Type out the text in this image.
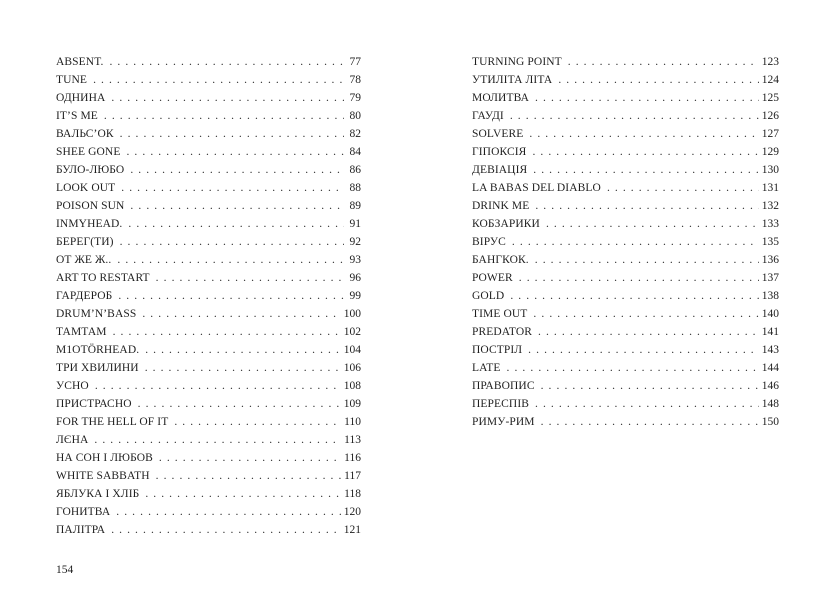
ABSENT. . . .	77
TUNE . . .	78
ОДНИНА . . .	79
IT’S ME . . .	80
ВАЛЬС’ОК . . .	82
SHEE GONE . . .	84
БУЛО-ЛЮБО . . .	86
LOOK OUT . . .	88
POISON SUN . . .	89
INMYHEAD. . . .	91
БЕРЕГ(ТИ) . . .	92
ОТ ЖЕ Ж.. . . .	93
ART TO RESTART . . .	96
ГАРДЕРОБ . . .	99
DRUM’N’BASS . . .	100
ТАМТАМ . . .	102
M1OTÖRHEAD. . . .	104
ТРИ ХВИЛИНИ . . .	106
УСНО . . .	108
ПРИСТРАСНО . . .	109
FOR THE HELL OF IT . . .	110
ЛЄНА . . .	113
НА СОН І ЛЮБОВ . . .	116
WHITE SABBATH . . .	117
ЯБЛУКА І ХЛІБ . . .	118
ГОНИТВА . . .	120
ПАЛІТРА . . .	121
TURNING POINT . . .	123
УТИЛІТА ЛІТА . . .	124
МОЛИТВА . . .	125
ГАУДІ . . .	126
SOLVERE . . .	127
ГІПОКСІЯ . . .	129
ДЕВІАЦІЯ . . .	130
LA BABAS DEL DIABLO . . .	131
DRINK ME . . .	132
КОБЗАРИКИ . . .	133
ВІРУС . . .	135
БАНГКОК. . . .	136
POWER . . .	137
GOLD . . .	138
TIME OUT . . .	140
PREDATOR . . .	141
ПОСТРІЛ . . .	143
LATE . . .	144
ПРАВОПИС . . .	146
ПЕРЕСПІВ . . .	148
РИМУ-РИМ . . .	150
154
